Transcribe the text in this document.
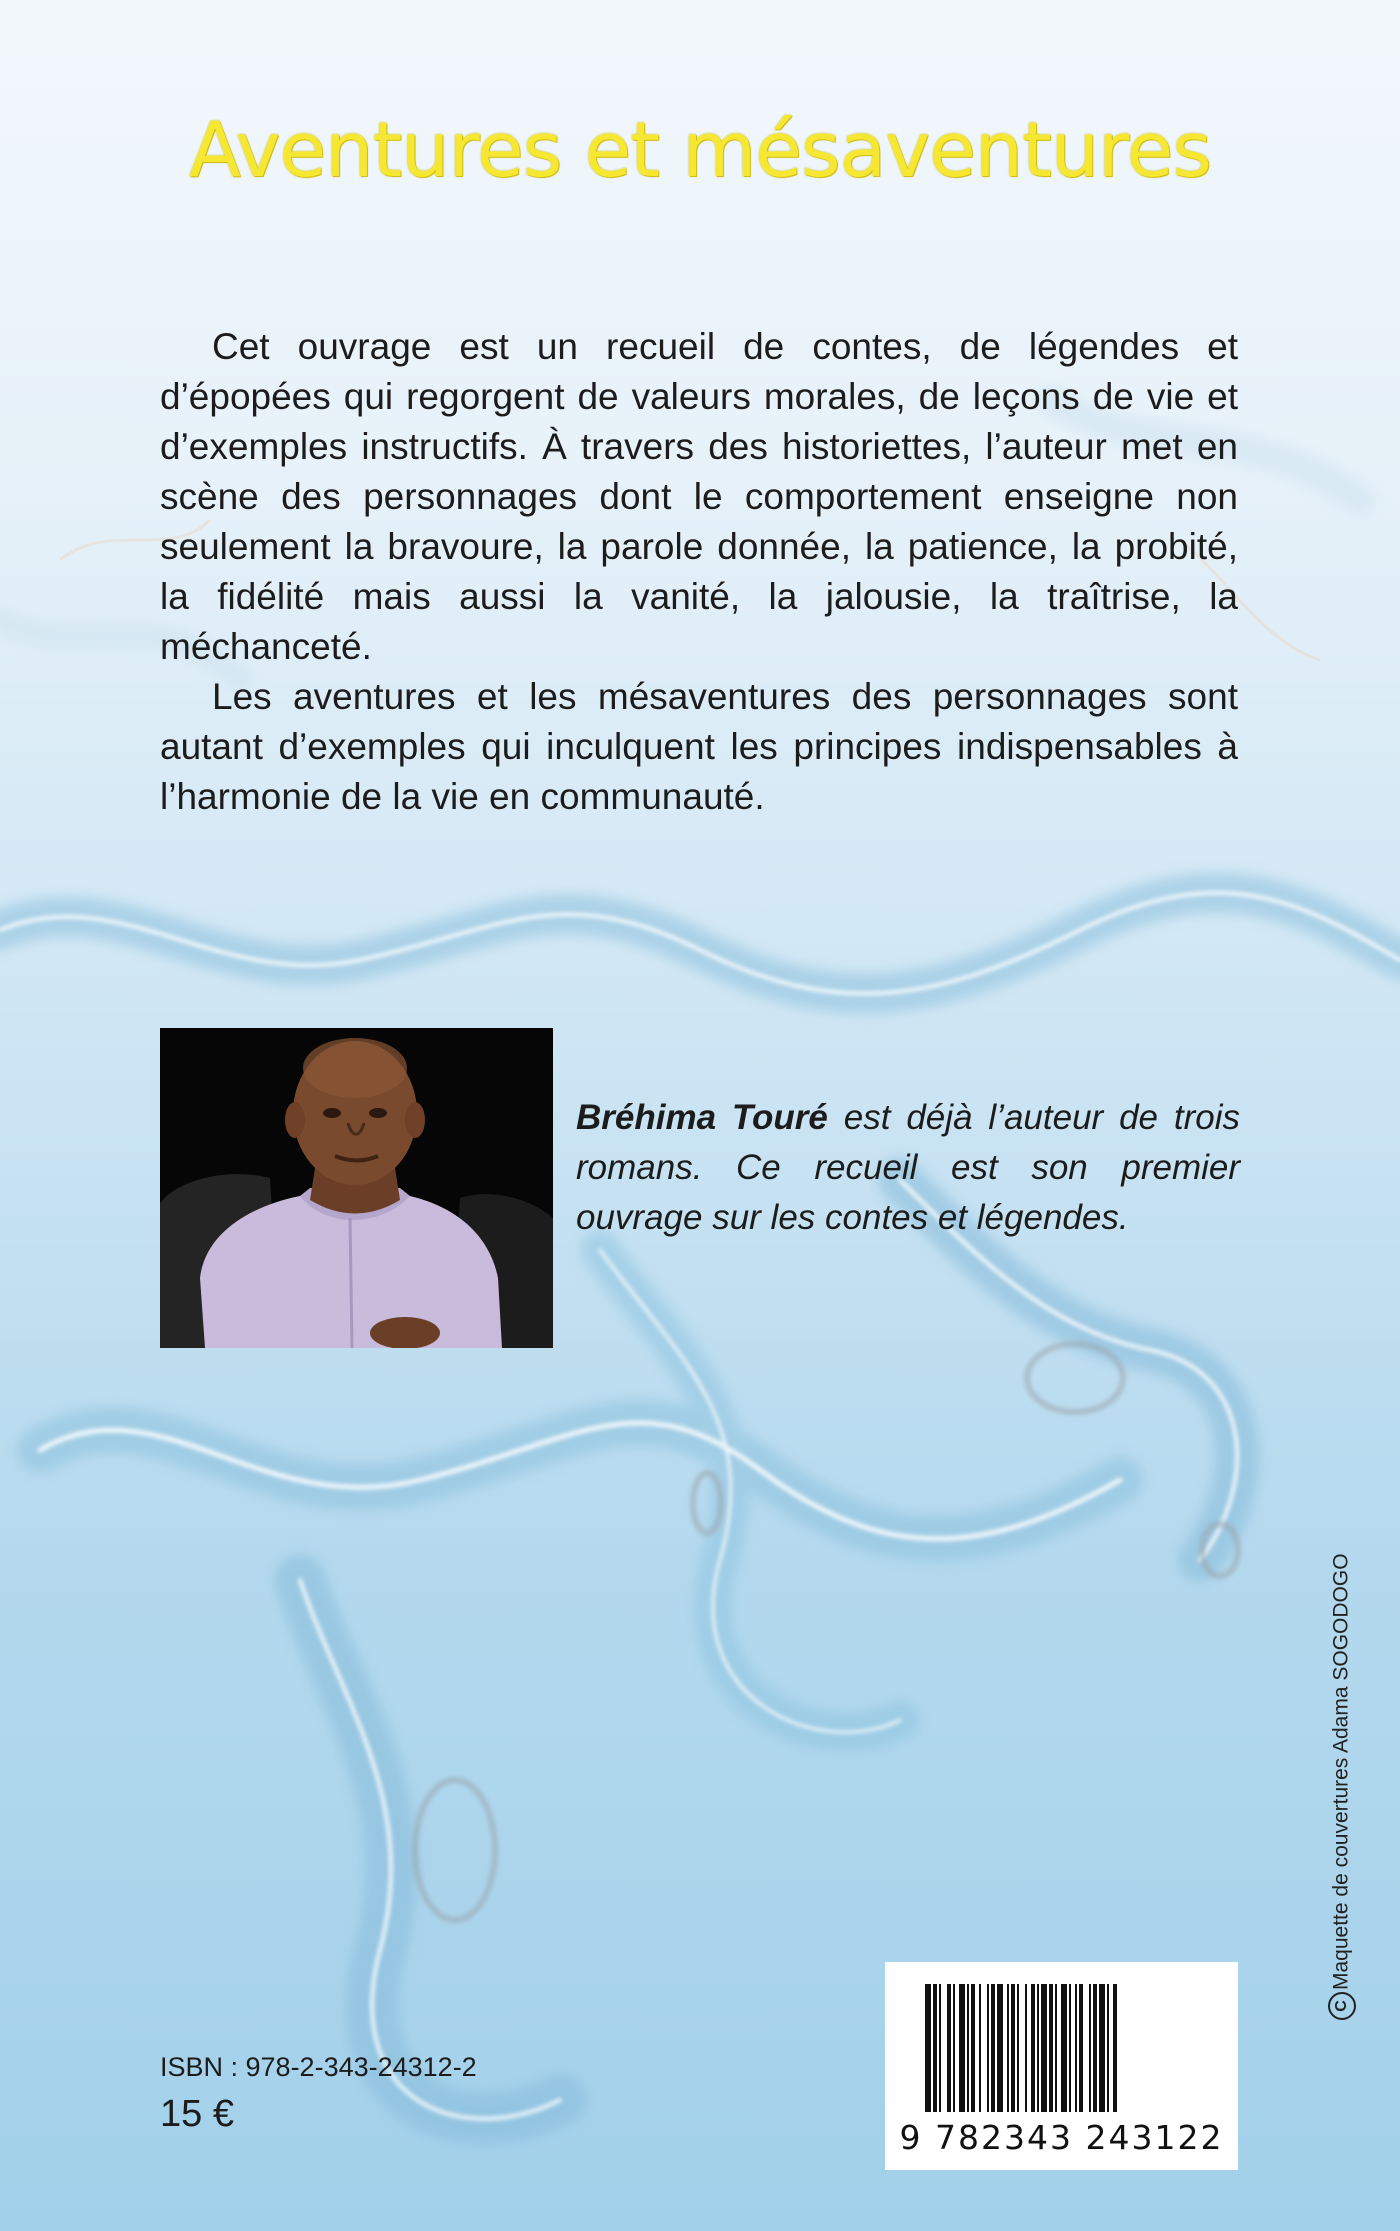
Aventures et mésaventures

Cet ouvrage est un recueil de contes, de légendes et d’épopées qui regorgent de valeurs morales, de leçons de vie et d’exemples instructifs. À travers des historiettes, l’auteur met en scène des personnages dont le comportement enseigne non seulement la bravoure, la parole donnée, la patience, la probité, la fidélité mais aussi la vanité, la jalousie, la traîtrise, la méchanceté.

Les aventures et les mésaventures des personnages sont autant d’exemples qui inculquent les principes indispensables à l’harmonie de la vie en communauté.

Bréhima Touré est déjà l’auteur de trois romans. Ce recueil est son premier ouvrage sur les contes et légendes.

9 782343 243122

ISBN : 978-2-343-24312-2

15 €

CMaquette de couvertures Adama SOGODOGO
